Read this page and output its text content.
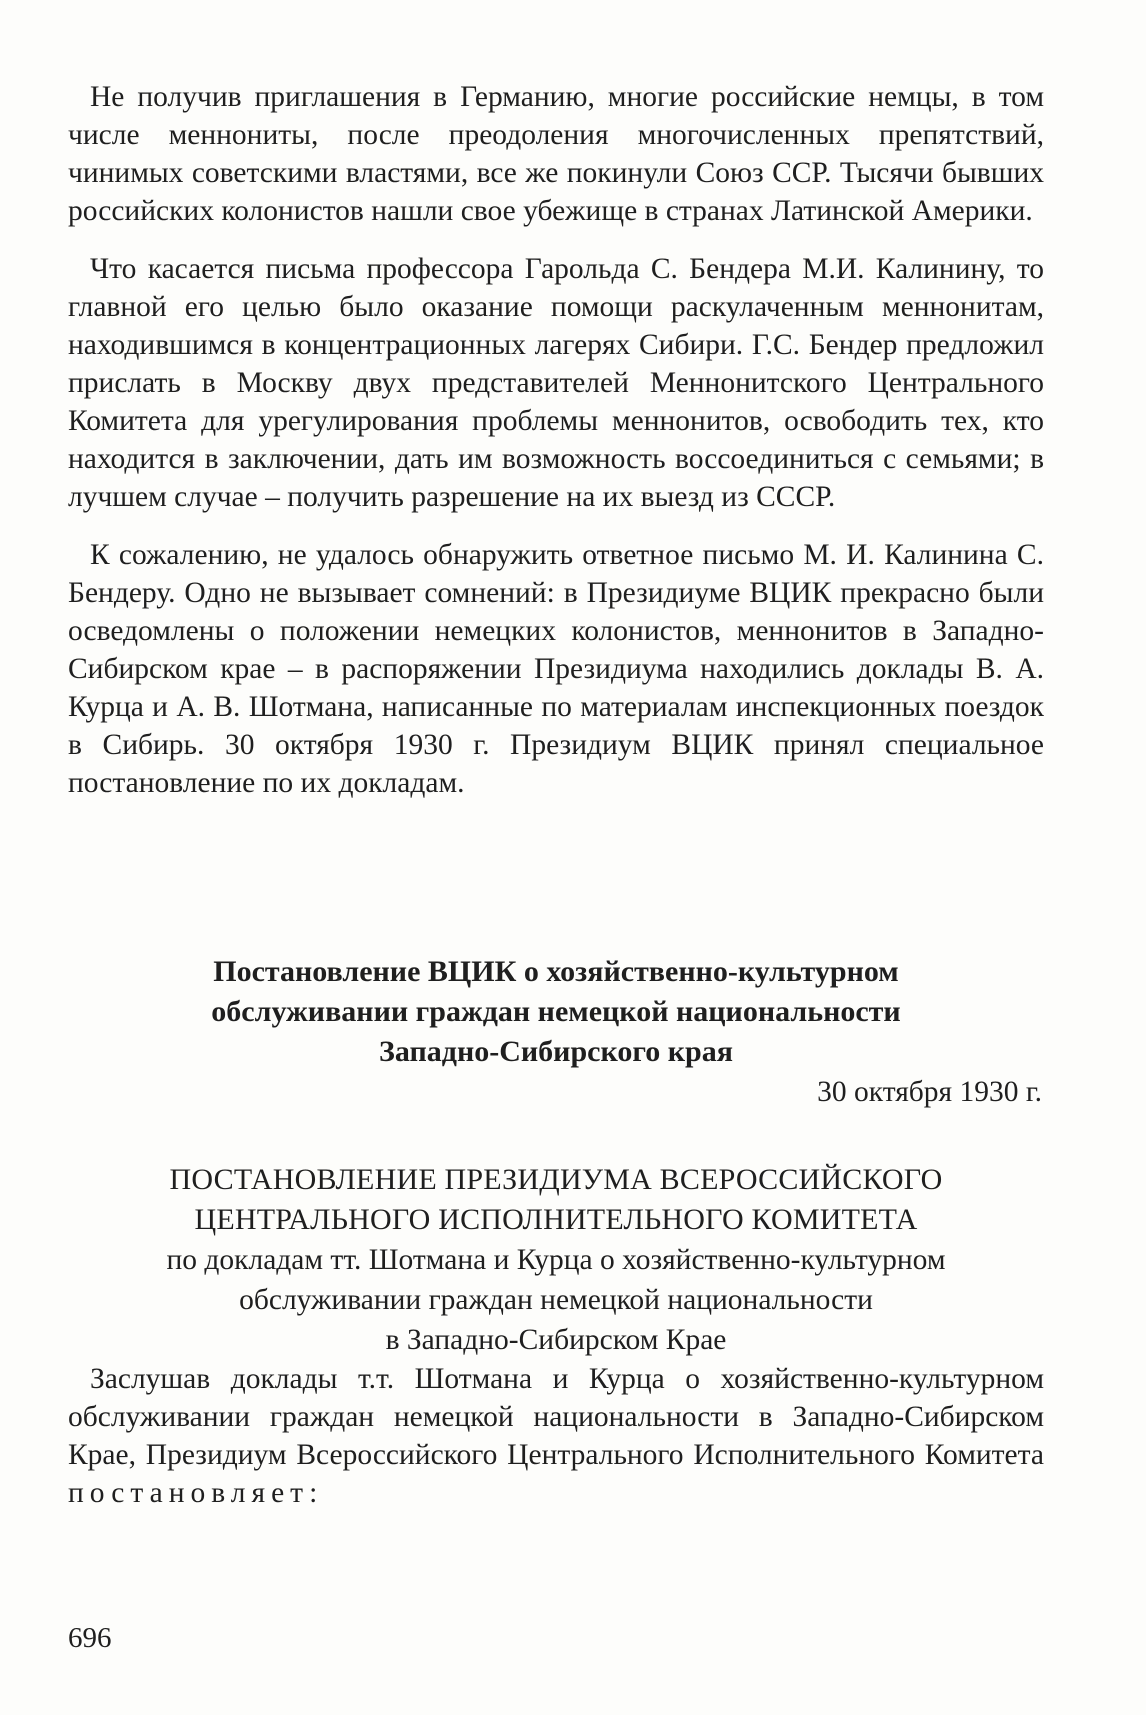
Не получив приглашения в Германию, многие российские немцы, в том числе меннониты, после преодоления многочисленных препятствий, чинимых советскими властями, все же покинули Союз ССР. Тысячи бывших российских колонистов нашли свое убежище в странах Латинской Америки.

Что касается письма профессора Гарольда С. Бендера М.И. Калинину, то главной его целью было оказание помощи раскулаченным меннонитам, находившимся в концентрационных лагерях Сибири. Г.С. Бендер предложил прислать в Москву двух представителей Меннонитского Центрального Комитета для урегулирования проблемы меннонитов, освободить тех, кто находится в заключении, дать им возможность воссоединиться с семьями; в лучшем случае – получить разрешение на их выезд из СССР.

К сожалению, не удалось обнаружить ответное письмо М. И. Калинина С. Бендеру. Одно не вызывает сомнений: в Президиуме ВЦИК прекрасно были осведомлены о положении немецких колонистов, меннонитов в Западно-Сибирском крае – в распоряжении Президиума находились доклады В. А. Курца и А. В. Шотмана, написанные по материалам инспекционных поездок в Сибирь. 30 октября 1930 г. Президиум ВЦИК принял специальное постановление по их докладам.

Постановление ВЦИК о хозяйственно-культурном
обслуживании граждан немецкой национальности
Западно-Сибирского края
30 октября 1930 г.
ПОСТАНОВЛЕНИЕ ПРЕЗИДИУМА ВСЕРОССИЙСКОГО
ЦЕНТРАЛЬНОГО ИСПОЛНИТЕЛЬНОГО КОМИТЕТА
по докладам тт. Шотмана и Курца о хозяйственно-культурном
обслуживании граждан немецкой национальности
в Западно-Сибирском Крае

Заслушав доклады т.т. Шотмана и Курца о хозяйственно-культурном обслуживании граждан немецкой национальности в Западно-Сибирском Крае, Президиум Всероссийского Центрального Исполнительного Комитета постановляет:

696
